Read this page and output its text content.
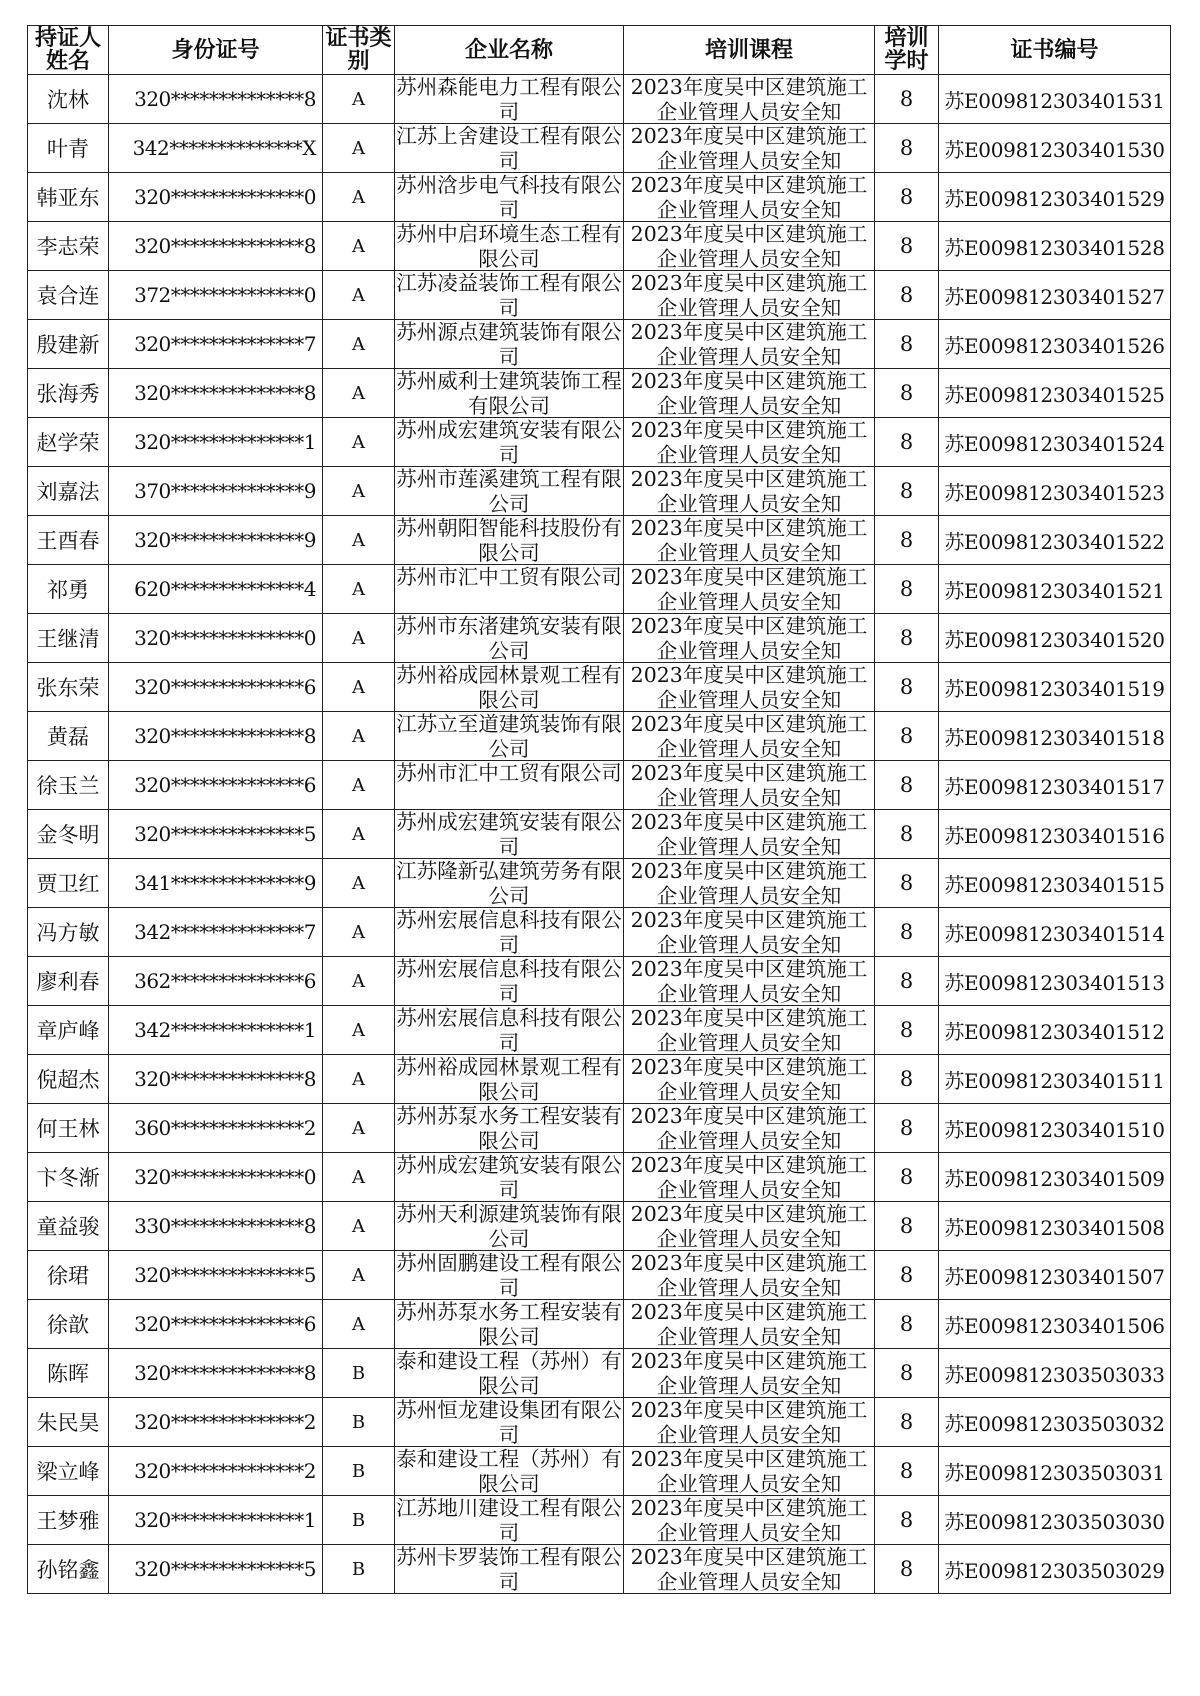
持证人姓名	身份证号	证书类别	企业名称	培训课程	培训学时	证书编号
沈林	320**************8	A	苏州森能电力工程有限公司	2023年度吴中区建筑施工企业管理人员安全知	8	苏E009812303401531
叶青	342**************X	A	江苏上舍建设工程有限公司	2023年度吴中区建筑施工企业管理人员安全知	8	苏E009812303401530
韩亚东	320**************0	A	苏州浛步电气科技有限公司	2023年度吴中区建筑施工企业管理人员安全知	8	苏E009812303401529
李志荣	320**************8	A	苏州中启环境生态工程有限公司	2023年度吴中区建筑施工企业管理人员安全知	8	苏E009812303401528
袁合连	372**************0	A	江苏凌益装饰工程有限公司	2023年度吴中区建筑施工企业管理人员安全知	8	苏E009812303401527
殷建新	320**************7	A	苏州源点建筑装饰有限公司	2023年度吴中区建筑施工企业管理人员安全知	8	苏E009812303401526
张海秀	320**************8	A	苏州威利士建筑装饰工程有限公司	2023年度吴中区建筑施工企业管理人员安全知	8	苏E009812303401525
赵学荣	320**************1	A	苏州成宏建筑安装有限公司	2023年度吴中区建筑施工企业管理人员安全知	8	苏E009812303401524
刘嘉法	370**************9	A	苏州市莲溪建筑工程有限公司	2023年度吴中区建筑施工企业管理人员安全知	8	苏E009812303401523
王酉春	320**************9	A	苏州朝阳智能科技股份有限公司	2023年度吴中区建筑施工企业管理人员安全知	8	苏E009812303401522
祁勇	620**************4	A	苏州市汇中工贸有限公司	2023年度吴中区建筑施工企业管理人员安全知	8	苏E009812303401521
王继清	320**************0	A	苏州市东渚建筑安装有限公司	2023年度吴中区建筑施工企业管理人员安全知	8	苏E009812303401520
张东荣	320**************6	A	苏州裕成园林景观工程有限公司	2023年度吴中区建筑施工企业管理人员安全知	8	苏E009812303401519
黄磊	320**************8	A	江苏立至道建筑装饰有限公司	2023年度吴中区建筑施工企业管理人员安全知	8	苏E009812303401518
徐玉兰	320**************6	A	苏州市汇中工贸有限公司	2023年度吴中区建筑施工企业管理人员安全知	8	苏E009812303401517
金冬明	320**************5	A	苏州成宏建筑安装有限公司	2023年度吴中区建筑施工企业管理人员安全知	8	苏E009812303401516
贾卫红	341**************9	A	江苏隆新弘建筑劳务有限公司	2023年度吴中区建筑施工企业管理人员安全知	8	苏E009812303401515
冯方敏	342**************7	A	苏州宏展信息科技有限公司	2023年度吴中区建筑施工企业管理人员安全知	8	苏E009812303401514
廖利春	362**************6	A	苏州宏展信息科技有限公司	2023年度吴中区建筑施工企业管理人员安全知	8	苏E009812303401513
章庐峰	342**************1	A	苏州宏展信息科技有限公司	2023年度吴中区建筑施工企业管理人员安全知	8	苏E009812303401512
倪超杰	320**************8	A	苏州裕成园林景观工程有限公司	2023年度吴中区建筑施工企业管理人员安全知	8	苏E009812303401511
何王林	360**************2	A	苏州苏泵水务工程安装有限公司	2023年度吴中区建筑施工企业管理人员安全知	8	苏E009812303401510
卞冬渐	320**************0	A	苏州成宏建筑安装有限公司	2023年度吴中区建筑施工企业管理人员安全知	8	苏E009812303401509
童益骏	330**************8	A	苏州天利源建筑装饰有限公司	2023年度吴中区建筑施工企业管理人员安全知	8	苏E009812303401508
徐珺	320**************5	A	苏州固鹏建设工程有限公司	2023年度吴中区建筑施工企业管理人员安全知	8	苏E009812303401507
徐歆	320**************6	A	苏州苏泵水务工程安装有限公司	2023年度吴中区建筑施工企业管理人员安全知	8	苏E009812303401506
陈晖	320**************8	B	泰和建设工程（苏州）有限公司	2023年度吴中区建筑施工企业管理人员安全知	8	苏E009812303503033
朱民昊	320**************2	B	苏州恒龙建设集团有限公司	2023年度吴中区建筑施工企业管理人员安全知	8	苏E009812303503032
梁立峰	320**************2	B	泰和建设工程（苏州）有限公司	2023年度吴中区建筑施工企业管理人员安全知	8	苏E009812303503031
王梦雅	320**************1	B	江苏地川建设工程有限公司	2023年度吴中区建筑施工企业管理人员安全知	8	苏E009812303503030
孙铭鑫	320**************5	B	苏州卡罗装饰工程有限公司	2023年度吴中区建筑施工企业管理人员安全知	8	苏E009812303503029
